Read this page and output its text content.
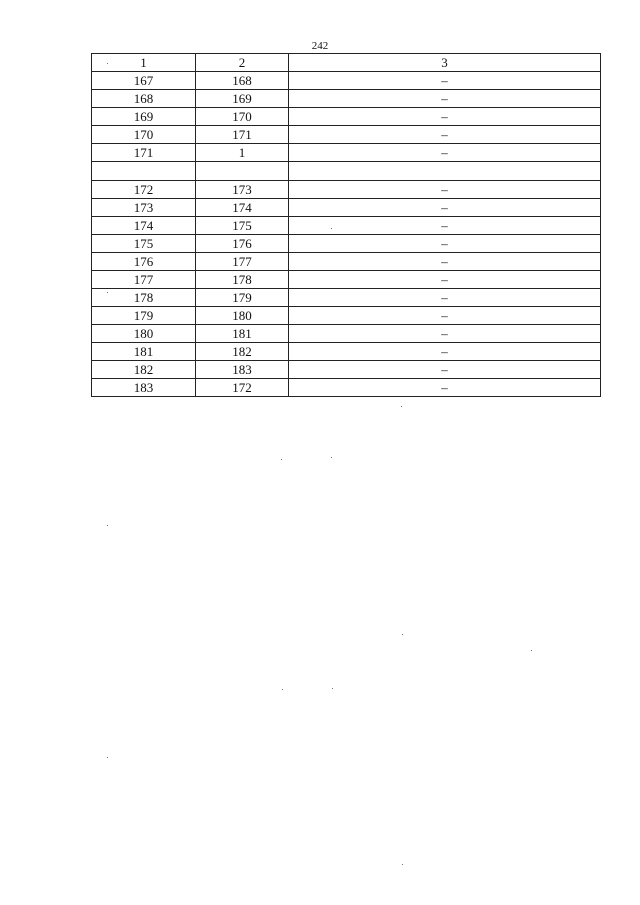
242
1	2	3
167	168	–
168	169	–
169	170	–
170	171	–
171	1	–

172	173	–
173	174	–
174	175	–
175	176	–
176	177	–
177	178	–
178	179	–
179	180	–
180	181	–
181	182	–
182	183	–
183	172	–
